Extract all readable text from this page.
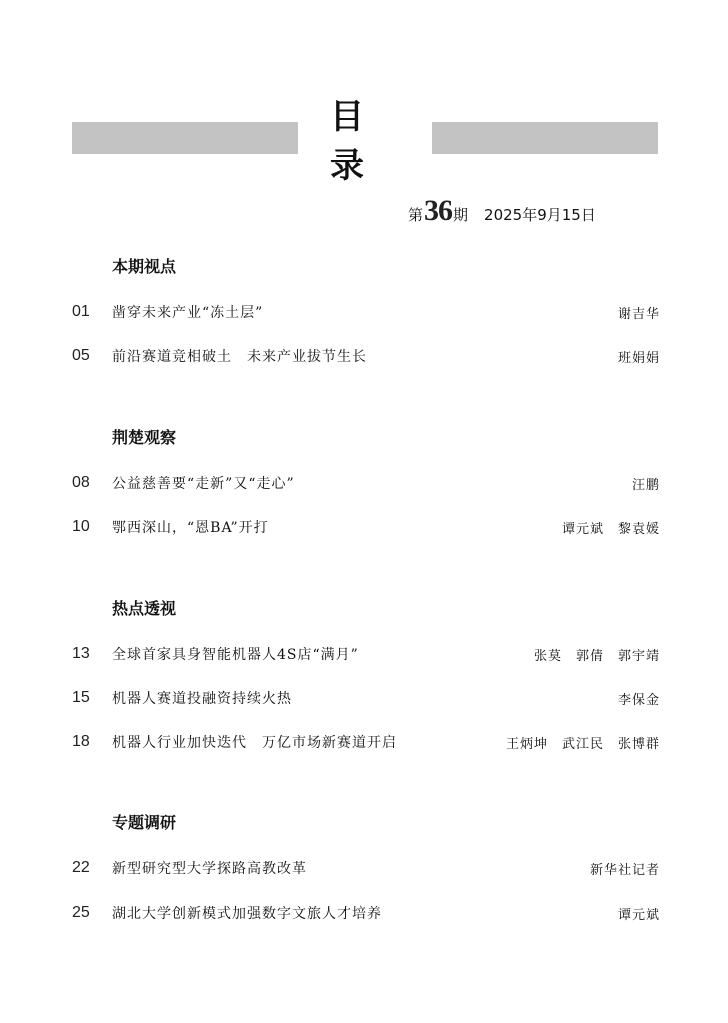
目录
第 36 期 2025年9月15日
本期视点
01	凿穿未来产业“冻土层”	谢吉华
05	前沿赛道竞相破土　未来产业拔节生长	班娟娟
荆楚观察
08	公益慈善要“走新”又“走心”	汪鹏
10	鄂西深山，“恩BA”开打	谭元斌 黎袁媛
热点透视
13	全球首家具身智能机器人4S店“满月”	张莫 郭倩 郭宇靖
15	机器人赛道投融资持续火热	李保金
18	机器人行业加快迭代　万亿市场新赛道开启	王炳坤 武江民 张博群
专题调研
22	新型研究型大学探路高教改革	新华社记者
25	湖北大学创新模式加强数字文旅人才培养	谭元斌
